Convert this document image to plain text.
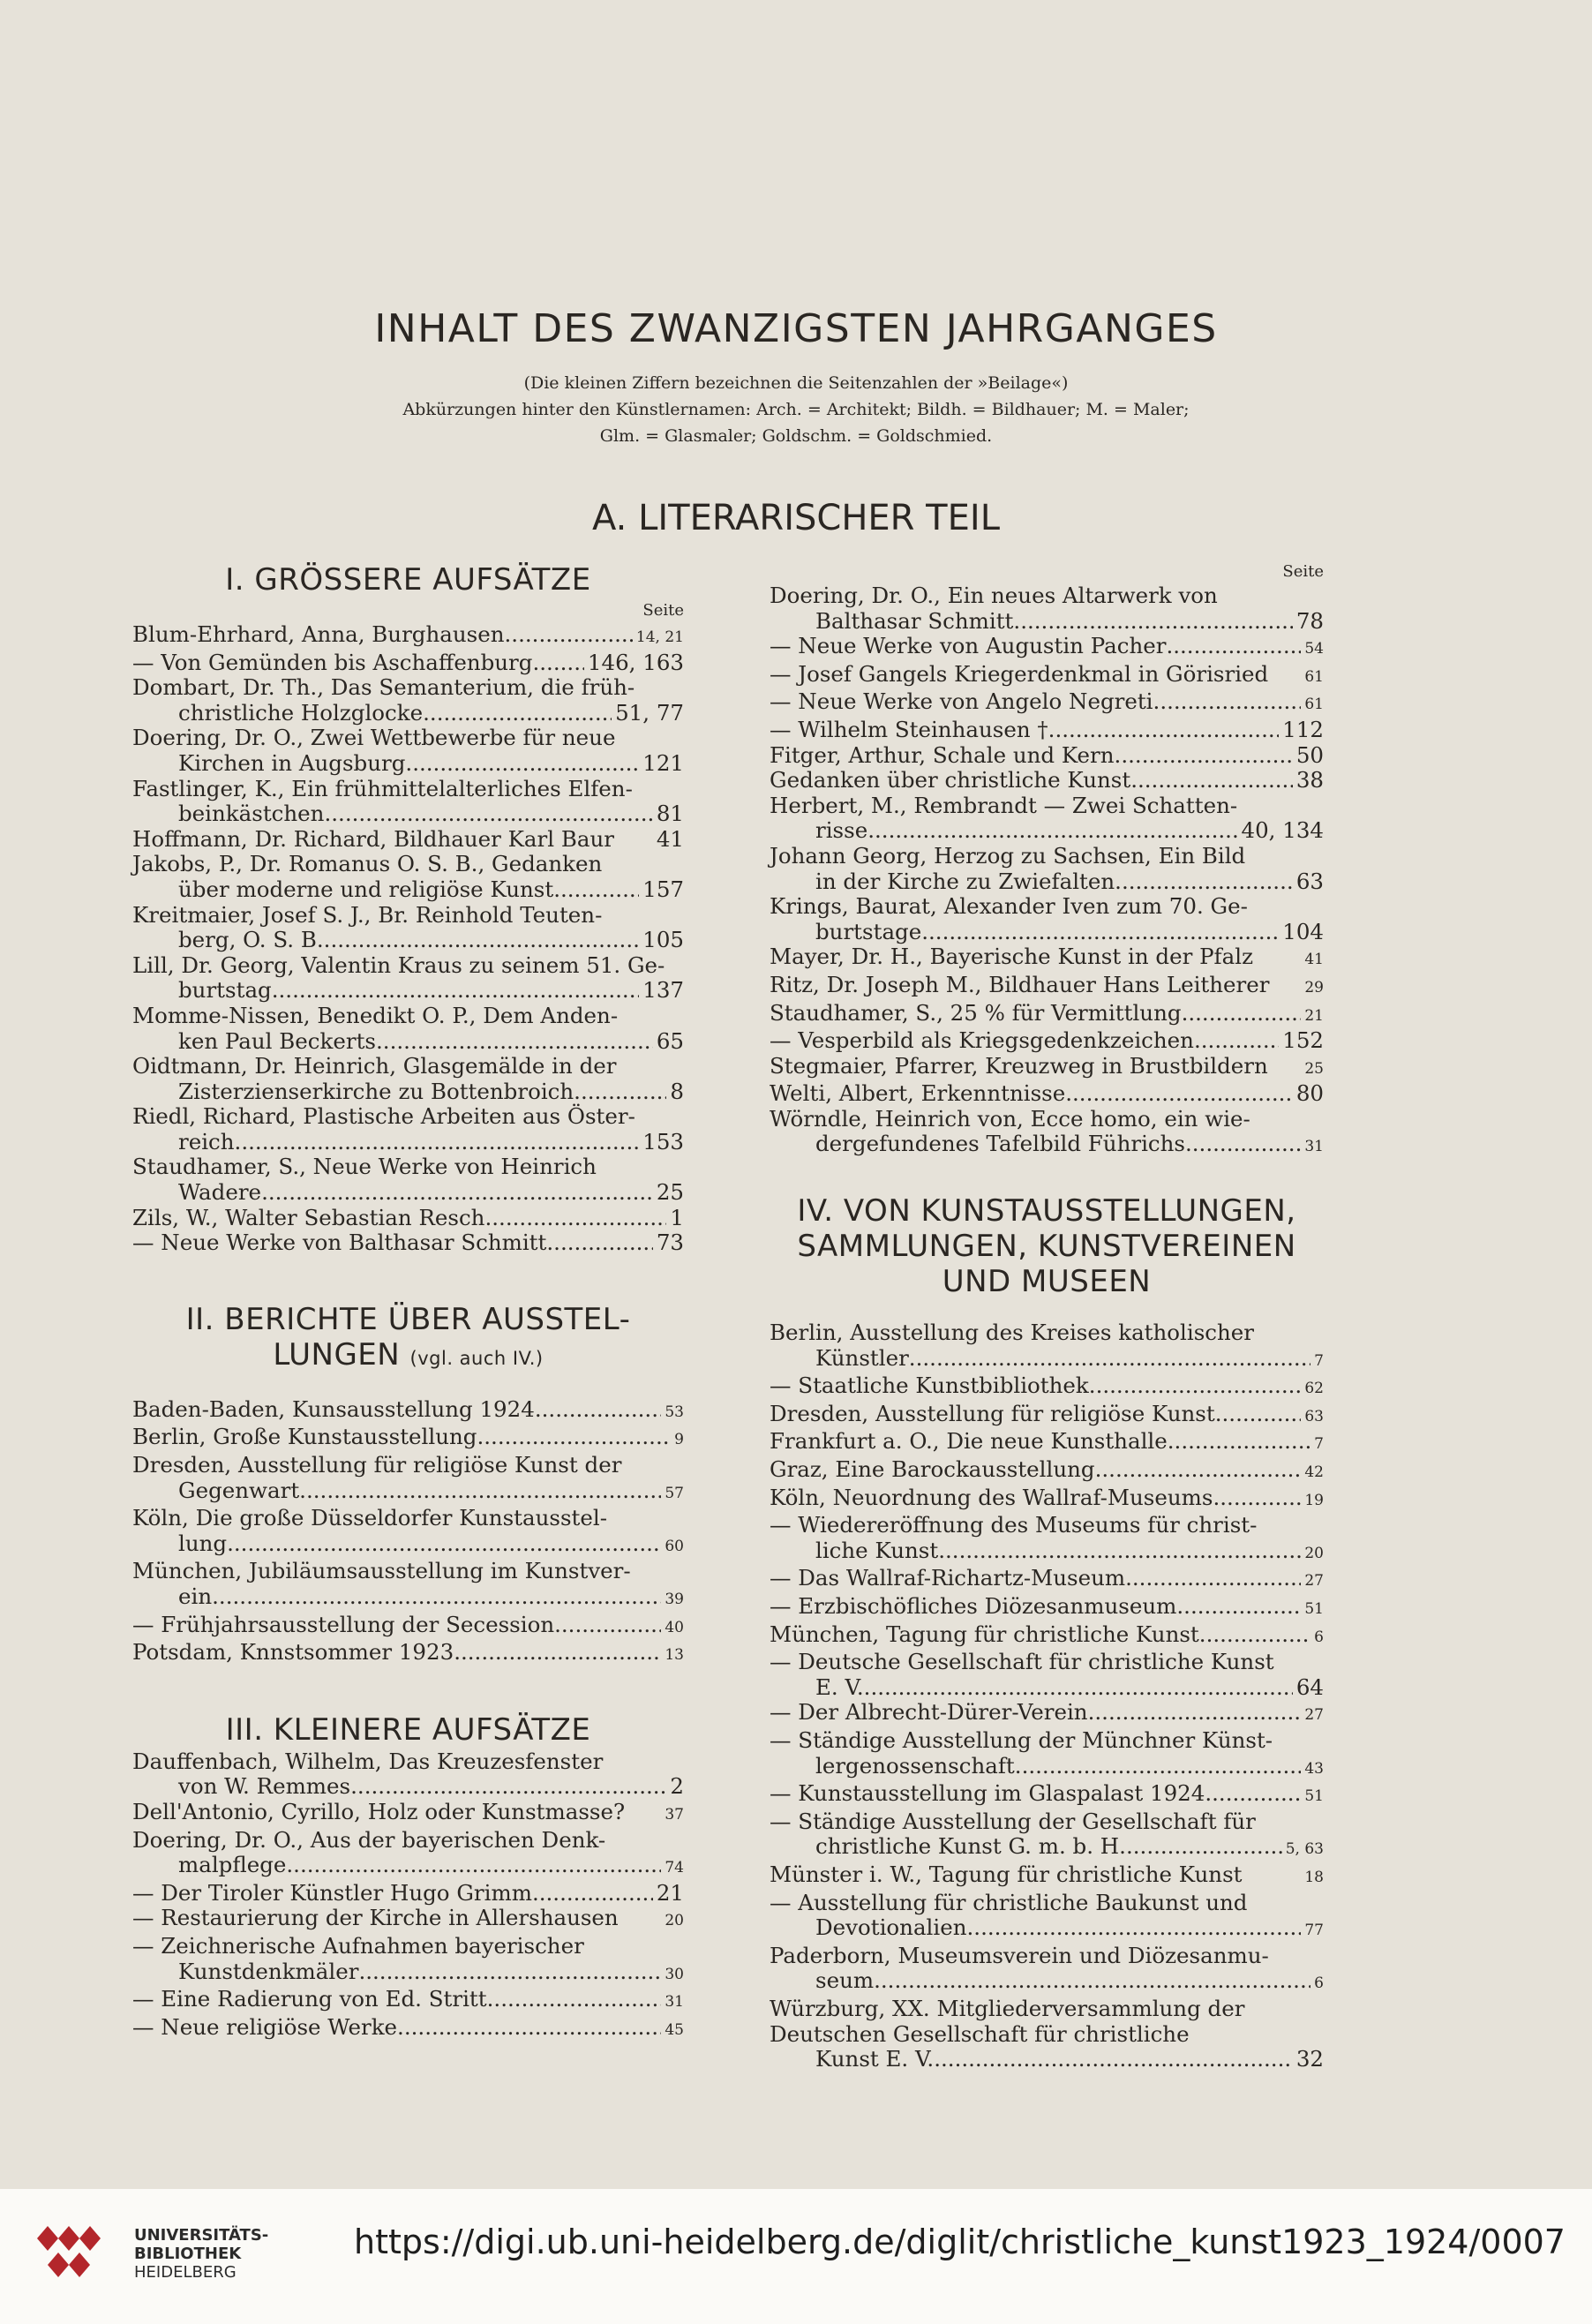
INHALT DES ZWANZIGSTEN JAHRGANGES

(Die kleinen Ziffern bezeichnen die Seitenzahlen der »Beilage«)

Abkürzungen hinter den Künstlernamen: Arch. = Architekt; Bildh. = Bildhauer; M. = Maler;

Glm. = Glasmaler; Goldschm. = Goldschmied.

A. LITERARISCHER TEIL
I. GRÖSSERE AUFSÄTZE
Seite
Blum-Ehrhard, Anna, Burghausen .....	14, 21
— Von Gemünden bis Aschaffenburg .....	146, 163
Dombart, Dr. Th., Das Semanterium, die früh-
christliche Holzglocke .....	51, 77
Doering, Dr. O., Zwei Wettbewerbe für neue
Kirchen in Augsburg .....	121
Fastlinger, K., Ein frühmittelalterliches Elfen-
beinkästchen .....	81
Hoffmann, Dr. Richard, Bildhauer Karl Baur 41
Jakobs, P., Dr. Romanus O. S. B., Gedanken
über moderne und religiöse Kunst .....	157
Kreitmaier, Josef S. J., Br. Reinhold Teuten-
berg, O. S. B. .....	105
Lill, Dr. Georg, Valentin Kraus zu seinem 51. Ge-
burtstag .....	137
Momme-Nissen, Benedikt O. P., Dem Anden-
ken Paul Beckerts .....	65
Oidtmann, Dr. Heinrich, Glasgemälde in der
Zisterzienserkirche zu Bottenbroich .....	8
Riedl, Richard, Plastische Arbeiten aus Öster-
reich .....	153
Staudhamer, S., Neue Werke von Heinrich
Wadere .....	25
Zils, W., Walter Sebastian Resch .....	1
— Neue Werke von Balthasar Schmitt .....	73
II. BERICHTE ÜBER AUSSTEL-
LUNGEN (vgl. auch IV.)
Baden-Baden, Kunsausstellung 1924 .....	53
Berlin, Große Kunstausstellung .....	9
Dresden, Ausstellung für religiöse Kunst der
Gegenwart .....	57
Köln, Die große Düsseldorfer Kunstausstel-
lung .....	60
München, Jubiläumsausstellung im Kunstver-
ein .....	39
— Frühjahrsausstellung der Secession .....	40
Potsdam, Knnstsommer 1923 .....	13
III. KLEINERE AUFSÄTZE
Dauffenbach, Wilhelm, Das Kreuzesfenster
von W. Remmes .....	2
Dell'Antonio, Cyrillo, Holz oder Kunstmasse?	37
Doering, Dr. O., Aus der bayerischen Denk-
malpflege .....	74
— Der Tiroler Künstler Hugo Grimm .....	21
— Restaurierung der Kirche in Allershausen	20
— Zeichnerische Aufnahmen bayerischer
Kunstdenkmäler .....	30
— Eine Radierung von Ed. Stritt .....	31
— Neue religiöse Werke .....	45
Seite
Doering, Dr. O., Ein neues Altarwerk von
Balthasar Schmitt .....	78
— Neue Werke von Augustin Pacher .....	54
— Josef Gangels Kriegerdenkmal in Görisried 61
— Neue Werke von Angelo Negreti .....	61
— Wilhelm Steinhausen † .....	112
Fitger, Arthur, Schale und Kern .....	50
Gedanken über christliche Kunst .....	38
Herbert, M., Rembrandt — Zwei Schatten-
risse .....	40, 134
Johann Georg, Herzog zu Sachsen, Ein Bild
in der Kirche zu Zwiefalten .....	63
Krings, Baurat, Alexander Iven zum 70. Ge-
burtstage .....	104
Mayer, Dr. H., Bayerische Kunst in der Pfalz	41
Ritz, Dr. Joseph M., Bildhauer Hans Leitherer 29
Staudhamer, S., 25 % für Vermittlung .....	21
— Vesperbild als Kriegsgedenkzeichen .....	152
Stegmaier, Pfarrer, Kreuzweg in Brustbildern 25
Welti, Albert, Erkenntnisse .....	80
Wörndle, Heinrich von, Ecce homo, ein wie-
dergefundenes Tafelbild Führichs .....	31
IV. VON KUNSTAUSSTELLUNGEN,
SAMMLUNGEN, KUNSTVEREINEN
UND MUSEEN
Berlin, Ausstellung des Kreises katholischer
Künstler .....	7
— Staatliche Kunstbibliothek .....	62
Dresden, Ausstellung für religiöse Kunst .....	63
Frankfurt a. O., Die neue Kunsthalle .....	7
Graz, Eine Barockausstellung .....	42
Köln, Neuordnung des Wallraf-Museums .....	19
— Wiedereröffnung des Museums für christ-
liche Kunst .....	20
— Das Wallraf-Richartz-Museum .....	27
— Erzbischöfliches Diözesanmuseum .....	51
München, Tagung für christliche Kunst .....	6
— Deutsche Gesellschaft für christliche Kunst
E. V. .....	64
— Der Albrecht-Dürer-Verein .....	27
— Ständige Ausstellung der Münchner Künst-
lergenossenschaft .....	43
— Kunstausstellung im Glaspalast 1924 .....	51
— Ständige Ausstellung der Gesellschaft für
christliche Kunst G. m. b. H. .....	5, 63
Münster i. W., Tagung für christliche Kunst	18
— Ausstellung für christliche Baukunst und
Devotionalien .....	77
Paderborn, Museumsverein und Diözesanmu-
seum .....	6
Würzburg, XX. Mitgliederversammlung der
Deutschen Gesellschaft für christliche
Kunst E. V. .....	32
UNIVERSITÄTS-
BIBLIOTHEK
HEIDELBERG
https://digi.ub.uni-heidelberg.de/diglit/christliche_kunst1923_1924/0007
